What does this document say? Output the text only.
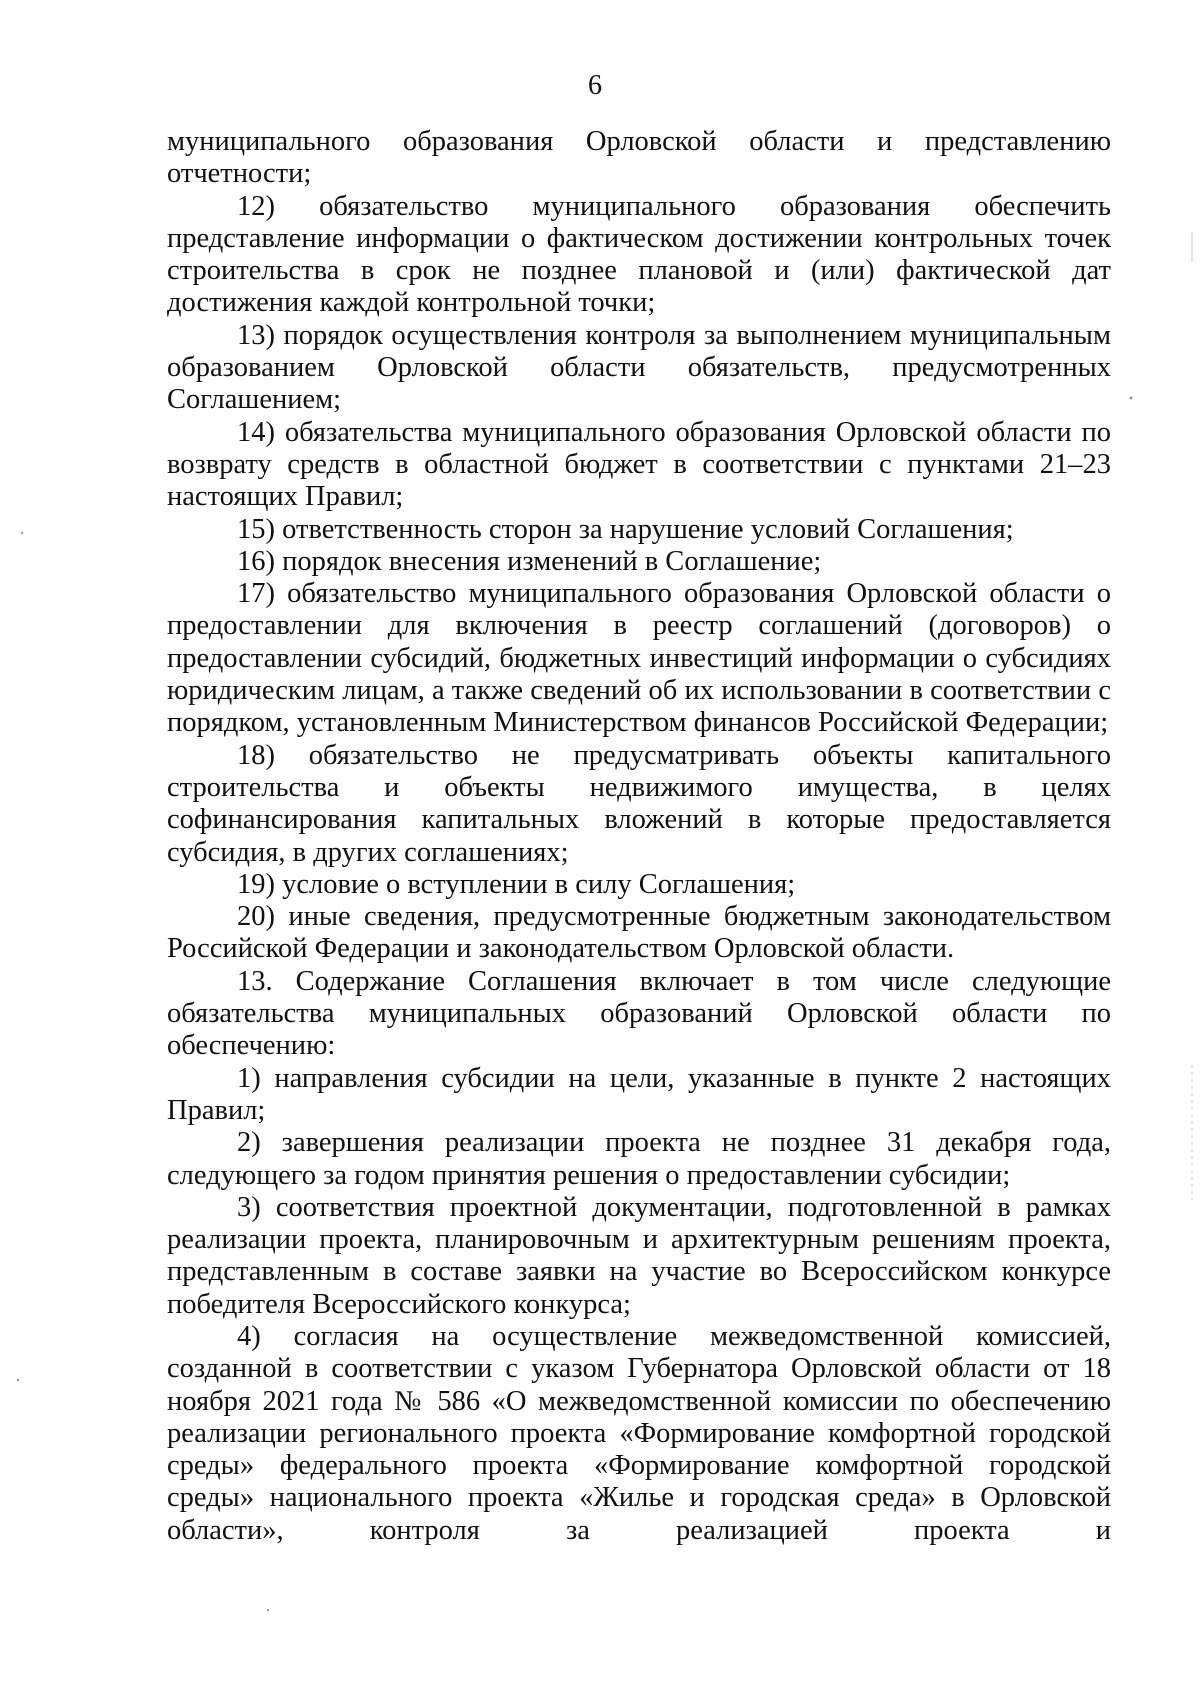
6

муниципального образования Орловской области и представлению отчетности;

12) обязательство муниципального образования обеспечить представление информации о фактическом достижении контрольных точек строительства в срок не позднее плановой и (или) фактической дат достижения каждой контрольной точки;

13) порядок осуществления контроля за выполнением муниципальным образованием Орловской области обязательств, предусмотренных Соглашением;

14) обязательства муниципального образования Орловской области по возврату средств в областной бюджет в соответствии с пунктами 21–23 настоящих Правил;

15) ответственность сторон за нарушение условий Соглашения;

16) порядок внесения изменений в Соглашение;

17) обязательство муниципального образования Орловской области о предоставлении для включения в реестр соглашений (договоров) о предоставлении субсидий, бюджетных инвестиций информации о субсидиях юридическим лицам, а также сведений об их использовании в соответствии с порядком, установленным Министерством финансов Российской Федерации;

18) обязательство не предусматривать объекты капитального строительства и объекты недвижимого имущества, в целях софинансирования капитальных вложений в которые предоставляется субсидия, в других соглашениях;

19) условие о вступлении в силу Соглашения;

20) иные сведения, предусмотренные бюджетным законодательством Российской Федерации и законодательством Орловской области.

13. Содержание Соглашения включает в том числе следующие обязательства муниципальных образований Орловской области по обеспечению:

1) направления субсидии на цели, указанные в пункте 2 настоящих Правил;

2) завершения реализации проекта не позднее 31 декабря года, следующего за годом принятия решения о предоставлении субсидии;

3) соответствия проектной документации, подготовленной в рамках реализации проекта, планировочным и архитектурным решениям проекта, представленным в составе заявки на участие во Всероссийском конкурсе победителя Всероссийского конкурса;

4) согласия на осуществление межведомственной комиссией, созданной в соответствии с указом Губернатора Орловской области от 18 ноября 2021 года № 586 «О межведомственной комиссии по обеспечению реализации регионального проекта «Формирование комфортной городской среды» федерального проекта «Формирование комфортной городской среды» национального проекта «Жилье и городская среда» в Орловской области», контроля за реализацией проекта и
